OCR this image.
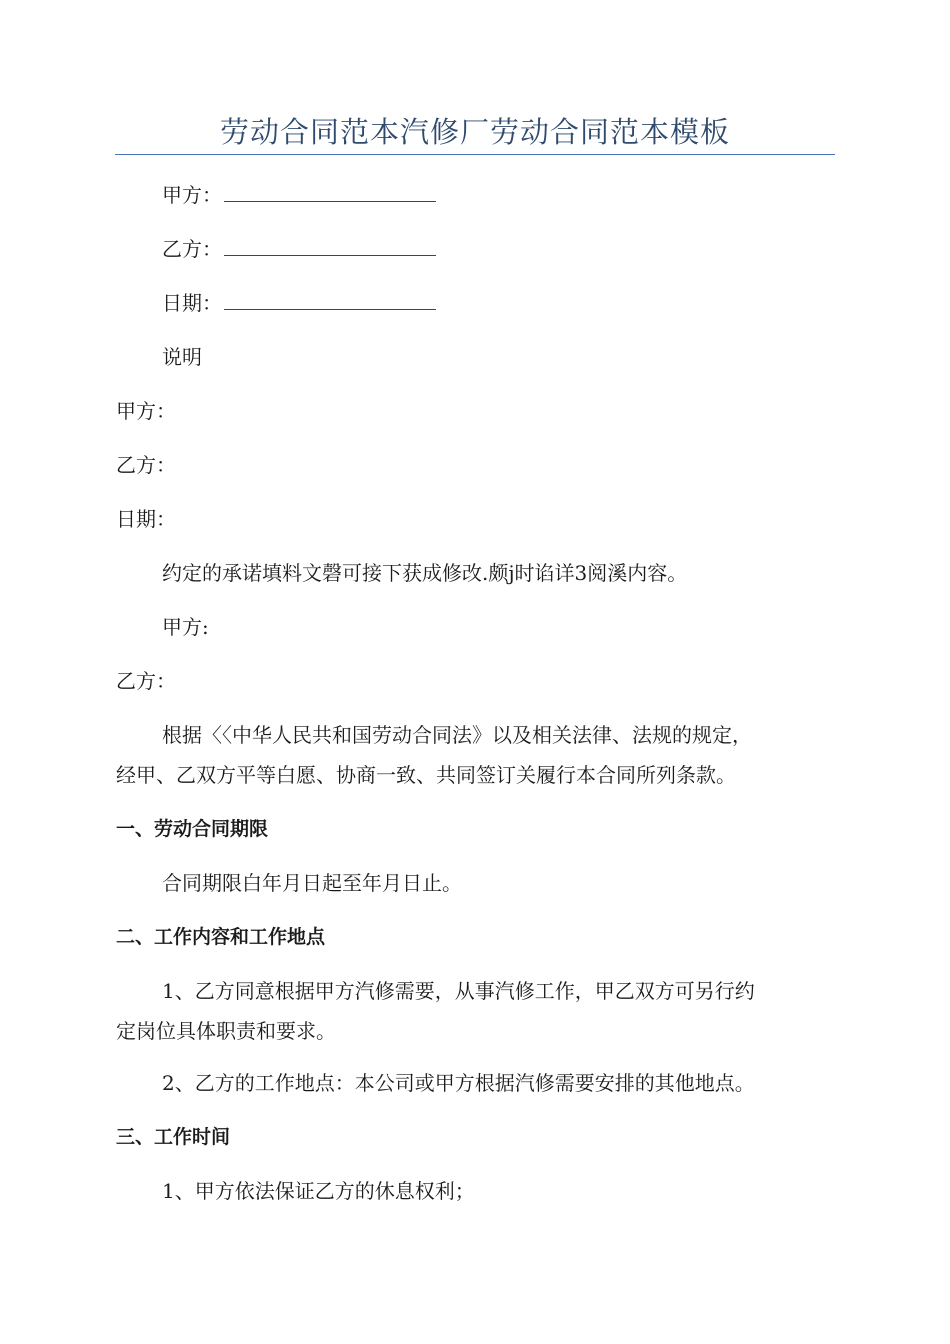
劳动合同范本汽修厂劳动合同范本模板
甲方：
乙方：
日期：
说明
甲方：
乙方：
日期：
约定的承诺填料文磬可接下获成修改.颇j时谄详3阅溪内容。
甲方:
乙方：
根据〈〈中华人民共和国劳动合同法》以及相关法律、法规的规定，
经甲、乙双方平等白愿、协商一致、共同签订关履行本合同所列条款。
一、劳动合同期限
合同期限白年月日起至年月日止。
二、工作内容和工作地点
1、乙方同意根据甲方汽修需要，从事汽修工作，甲乙双方可另行约
定岗位具体职责和要求。
2、乙方的工作地点：本公司或甲方根据汽修需要安排的其他地点。
三、工作时间
1、甲方依法保证乙方的休息权利；
